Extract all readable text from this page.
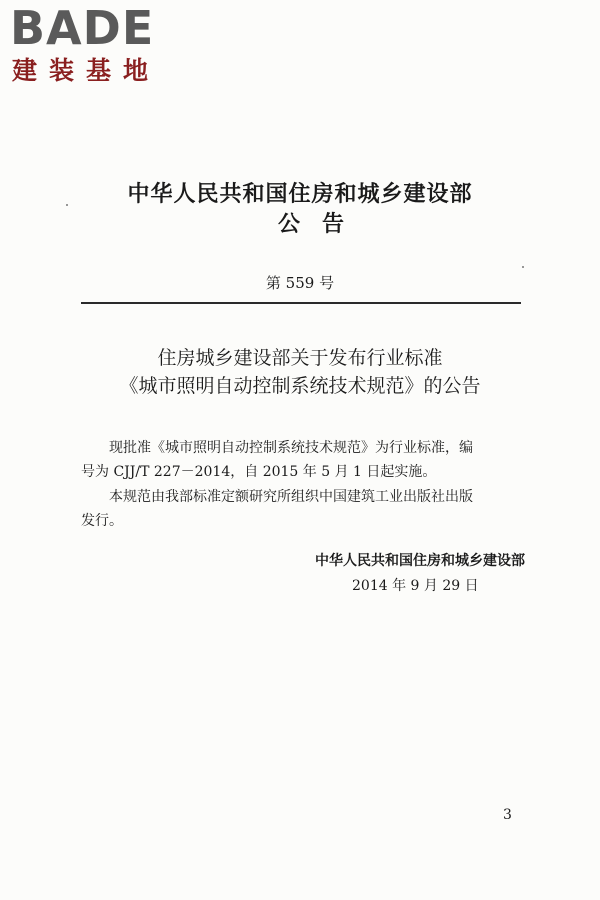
BADE
建装基地
中华人民共和国住房和城乡建设部
公告
第 559 号
住房城乡建设部关于发布行业标准
《城市照明自动控制系统技术规范》的公告
现批准《城市照明自动控制系统技术规范》为行业标准，编
号为 CJJ/T 227－2014，自 2015 年 5 月 1 日起实施。
本规范由我部标准定额研究所组织中国建筑工业出版社出版
发行。
中华人民共和国住房和城乡建设部
2014 年 9 月 29 日
3
